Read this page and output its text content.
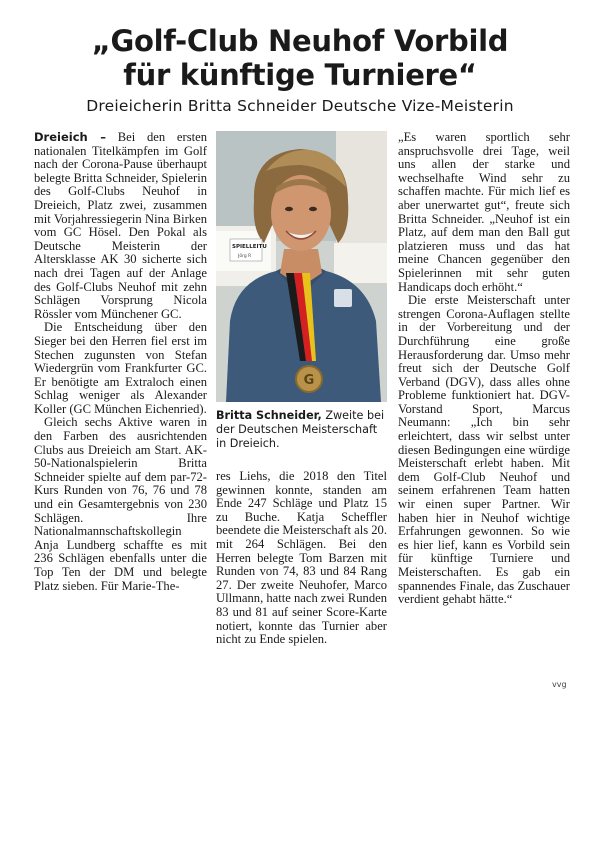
„Golf-Club Neuhof Vorbild
für künftige Turniere“
Dreieicherin Britta Schneider Deutsche Vize-Meisterin

Dreieich – Bei den ersten nationalen Titelkämpfen im Golf nach der Corona-Pause überhaupt belegte Britta Schneider, Spielerin des Golf-Clubs Neuhof in Dreieich, Platz zwei, zusammen mit Vorjahressiegerin Nina Birken vom GC Hösel. Den Pokal als Deutsche Meisterin der Altersklasse AK 30 sicherte sich nach drei Tagen auf der Anlage des Golf-Clubs Neuhof mit zehn Schlägen Vorsprung Nicola Rössler vom Münchener GC.

Die Entscheidung über den Sieger bei den Herren fiel erst im Stechen zugunsten von Stefan Wiedergrün vom Frankfurter GC. Er benötigte am Extraloch einen Schlag weniger als Alexander Koller (GC München Eichenried).

Gleich sechs Aktive waren in den Farben des ausrichtenden Clubs aus Dreieich am Start. AK-50-Nationalspielerin Britta Schneider spielte auf dem par-72-Kurs Runden von 76, 76 und 78 und ein Gesamtergebnis von 230 Schlägen. Ihre Nationalmannschaftskollegin Anja Lundberg schaffte es mit 236 Schlägen ebenfalls unter die Top Ten der DM und belegte Platz sieben. Für Marie-The-

G
SPIELLEITU
Jörg R
Britta Schneider, Zweite bei der Deutschen Meisterschaft in Dreieich.

res Liehs, die 2018 den Titel gewinnen konnte, standen am Ende 247 Schläge und Platz 15 zu Buche. Katja Scheffler beendete die Meisterschaft als 20. mit 264 Schlägen. Bei den Herren belegte Tom Barzen mit Runden von 74, 83 und 84 Rang 27. Der zweite Neuhofer, Marco Ullmann, hatte nach zwei Runden 83 und 81 auf seiner Score-Karte notiert, konnte das Turnier aber nicht zu Ende spielen.

„Es waren sportlich sehr anspruchsvolle drei Tage, weil uns allen der starke und wechselhafte Wind sehr zu schaffen machte. Für mich lief es aber unerwartet gut“, freute sich Britta Schneider. „Neuhof ist ein Platz, auf dem man den Ball gut platzieren muss und das hat meine Chancen gegenüber den Spielerinnen mit sehr guten Handicaps doch erhöht.“

Die erste Meisterschaft unter strengen Corona-Auflagen stellte in der Vorbereitung und der Durchführung eine große Herausforderung dar. Umso mehr freut sich der Deutsche Golf Verband (DGV), dass alles ohne Probleme funktioniert hat. DGV-Vorstand Sport, Marcus Neumann: „Ich bin sehr erleichtert, dass wir selbst unter diesen Bedingungen eine würdige Meisterschaft erlebt haben. Mit dem Golf-Club Neuhof und seinem erfahrenen Team hatten wir einen super Partner. Wir haben hier in Neuhof wichtige Erfahrungen gewonnen. So wie es hier lief, kann es Vorbild sein für künftige Turniere und Meisterschaften. Es gab ein spannendes Finale, das Zuschauer verdient gehabt hätte.“

vvg
